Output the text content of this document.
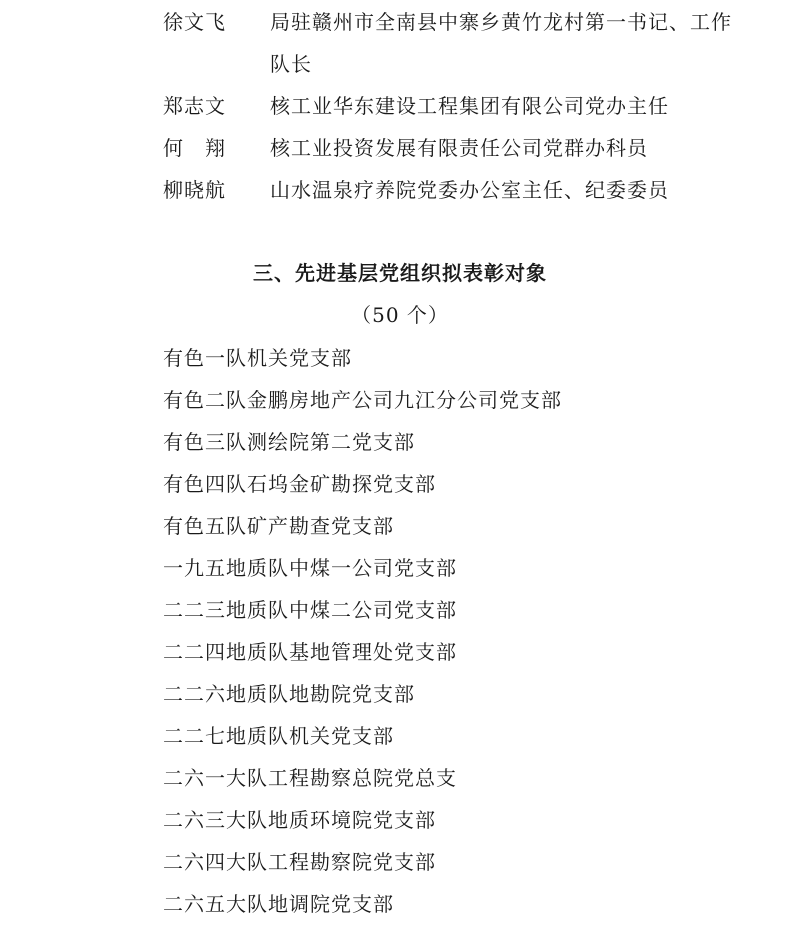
徐文飞 局驻赣州市全南县中寨乡黄竹龙村第一书记、工作队长
郑志文 核工业华东建设工程集团有限公司党办主任
何　翔 核工业投资发展有限责任公司党群办科员
柳晓航 山水温泉疗养院党委办公室主任、纪委委员
三、先进基层党组织拟表彰对象
（50 个）
有色一队机关党支部
有色二队金鹏房地产公司九江分公司党支部
有色三队测绘院第二党支部
有色四队石坞金矿勘探党支部
有色五队矿产勘查党支部
一九五地质队中煤一公司党支部
二二三地质队中煤二公司党支部
二二四地质队基地管理处党支部
二二六地质队地勘院党支部
二二七地质队机关党支部
二六一大队工程勘察总院党总支
二六三大队地质环境院党支部
二六四大队工程勘察院党支部
二六五大队地调院党支部
